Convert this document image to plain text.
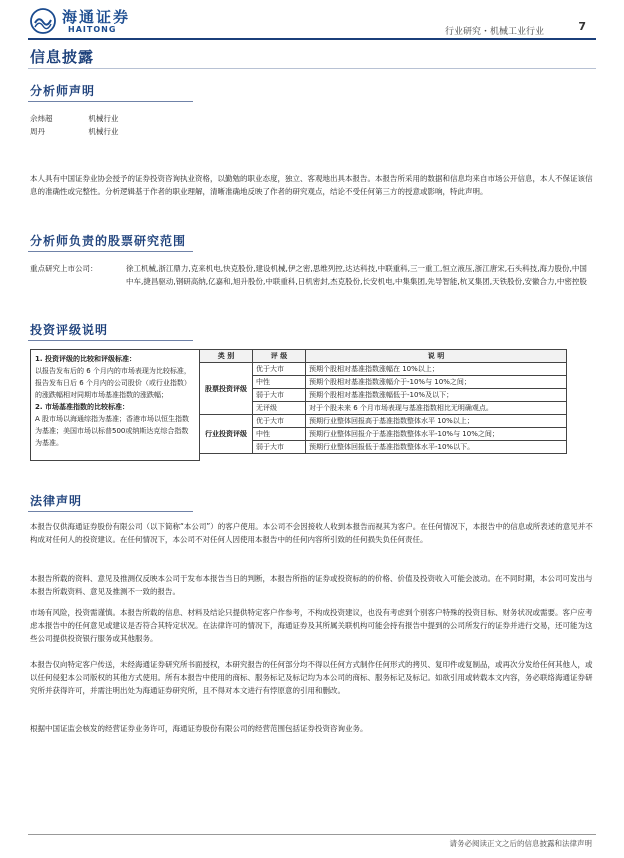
海通证券
HAITONG	行业研究・机械工业行业	7
信息披露
分析师声明
佘炜超	机械行业
周丹	机械行业

本人具有中国证券业协会授予的证券投资咨询执业资格，以勤勉的职业态度，独立、客观地出具本报告。本报告所采用的数据和信息均来自市场公开信息，本人不保证该信息的准确性或完整性。分析逻辑基于作者的职业理解，清晰准确地反映了作者的研究观点，结论不受任何第三方的授意或影响，特此声明。

分析师负责的股票研究范围
重点研究上市公司：	徐工机械,浙江鼎力,克来机电,快克股份,建设机械,伊之密,思维列控,达达科技,中联重科,三一重工,恒立液压,浙江唐宋,石头科技,海力股份,中国中车,捷昌驱动,钢研高纳,亿嘉和,旭升股份,中联重科,日机密封,杰克股份,长安机电,中集集团,先导智能,杭叉集团,天铁股份,安徽合力,中密控股
投资评级说明
1. 投资评级的比较和评级标准：
以报告发布后的 6 个月内的市场表现为比较标准，报告发布日后 6 个月内的公司股价（或行业指数）的涨跌幅相对同期市场基准指数的涨跌幅；
2. 市场基准指数的比较标准：
A 股市场以海通综指为基准；香港市场以恒生指数为基准；美国市场以标普500或纳斯达克综合指数为基准。	类 别	评 级	说 明
	股票投资评级	优于大市	预期个股相对基准指数涨幅在 10%以上；
		中性	预期个股相对基准指数涨幅介于-10%与 10%之间；
		弱于大市	预期个股相对基准指数涨幅低于-10%及以下；
		无评级	对于个股未来 6 个月市场表现与基准指数相比无明确观点。
	行业投资评级	优于大市	预期行业整体回报高于基准指数整体水平 10%以上；
		中性	预期行业整体回报介于基准指数整体水平-10%与 10%之间；
		弱于大市	预期行业整体回报低于基准指数整体水平-10%以下。

法律声明

本报告仅供海通证券股份有限公司（以下简称“本公司”）的客户使用。本公司不会因接收人收到本报告而视其为客户。在任何情况下，本报告中的信息或所表述的意见并不构成对任何人的投资建议。在任何情况下，本公司不对任何人因使用本报告中的任何内容所引致的任何损失负任何责任。

本报告所载的资料、意见及推测仅反映本公司于发布本报告当日的判断，本报告所指的证券或投资标的的价格、价值及投资收入可能会波动。在不同时期，本公司可发出与本报告所载资料、意见及推测不一致的报告。

市场有风险，投资需谨慎。本报告所载的信息、材料及结论只提供特定客户作参考，不构成投资建议，也没有考虑到个别客户特殊的投资目标、财务状况或需要。客户应考虑本报告中的任何意见或建议是否符合其特定状况。在法律许可的情况下，海通证券及其所属关联机构可能会持有报告中提到的公司所发行的证券并进行交易，还可能为这些公司提供投资银行服务或其他服务。

本报告仅向特定客户传送，未经海通证券研究所书面授权，本研究报告的任何部分均不得以任何方式制作任何形式的拷贝、复印件或复制品，或再次分发给任何其他人，或以任何侵犯本公司版权的其他方式使用。所有本报告中使用的商标、服务标记及标记均为本公司的商标、服务标记及标记。如欲引用或转载本文内容，务必联络海通证券研究所并获得许可，并需注明出处为海通证券研究所，且不得对本文进行有悖原意的引用和删改。

根据中国证监会核发的经营证券业务许可，海通证券股份有限公司的经营范围包括证券投资咨询业务。

请务必阅读正文之后的信息披露和法律声明
